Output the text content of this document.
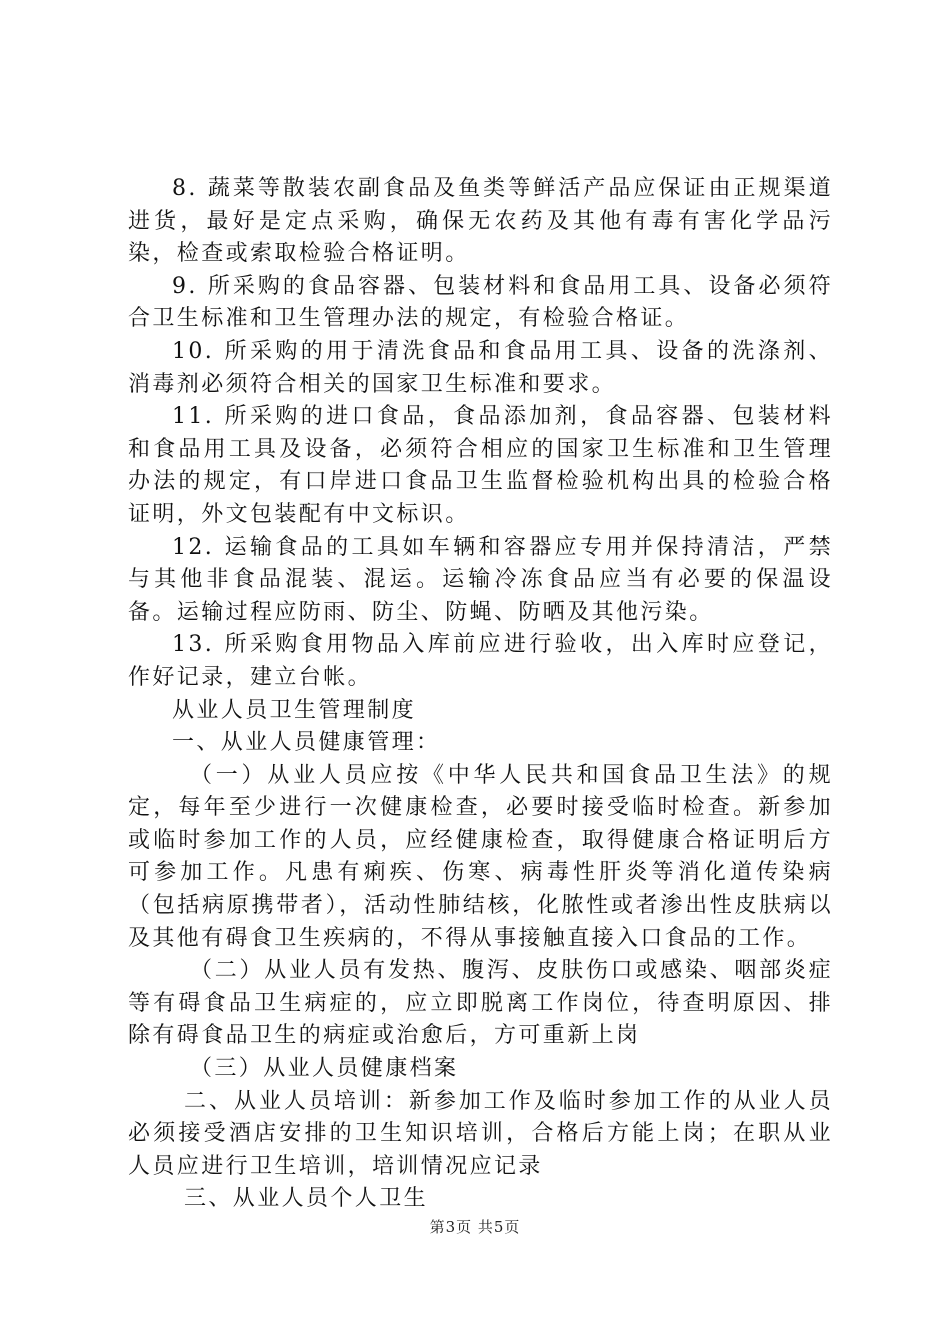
8. 蔬菜等散装农副食品及鱼类等鲜活产品应保证由正规渠道进货，最好是定点采购，确保无农药及其他有毒有害化学品污染，检查或索取检验合格证明。

9. 所采购的食品容器、包装材料和食品用工具、设备必须符合卫生标准和卫生管理办法的规定，有检验合格证。

10. 所采购的用于清洗食品和食品用工具、设备的洗涤剂、消毒剂必须符合相关的国家卫生标准和要求。

11. 所采购的进口食品，食品添加剂，食品容器、包装材料和食品用工具及设备，必须符合相应的国家卫生标准和卫生管理办法的规定，有口岸进口食品卫生监督检验机构出具的检验合格证明，外文包装配有中文标识。

12. 运输食品的工具如车辆和容器应专用并保持清洁，严禁与其他非食品混装、混运。运输冷冻食品应当有必要的保温设备。运输过程应防雨、防尘、防蝇、防晒及其他污染。

13. 所采购食用物品入库前应进行验收，出入库时应登记，作好记录，建立台帐。

从业人员卫生管理制度

一、从业人员健康管理：

（一）从业人员应按《中华人民共和国食品卫生法》的规定，每年至少进行一次健康检查，必要时接受临时检查。新参加或临时参加工作的人员，应经健康检查，取得健康合格证明后方可参加工作。凡患有痢疾、伤寒、病毒性肝炎等消化道传染病（包括病原携带者），活动性肺结核，化脓性或者渗出性皮肤病以及其他有碍食卫生疾病的，不得从事接触直接入口食品的工作。

（二）从业人员有发热、腹泻、皮肤伤口或感染、咽部炎症等有碍食品卫生病症的，应立即脱离工作岗位，待查明原因、排除有碍食品卫生的病症或治愈后，方可重新上岗

（三）从业人员健康档案

二、从业人员培训：新参加工作及临时参加工作的从业人员必须接受酒店安排的卫生知识培训，合格后方能上岗；在职从业人员应进行卫生培训，培训情况应记录

三、从业人员个人卫生

第3页 共5页
